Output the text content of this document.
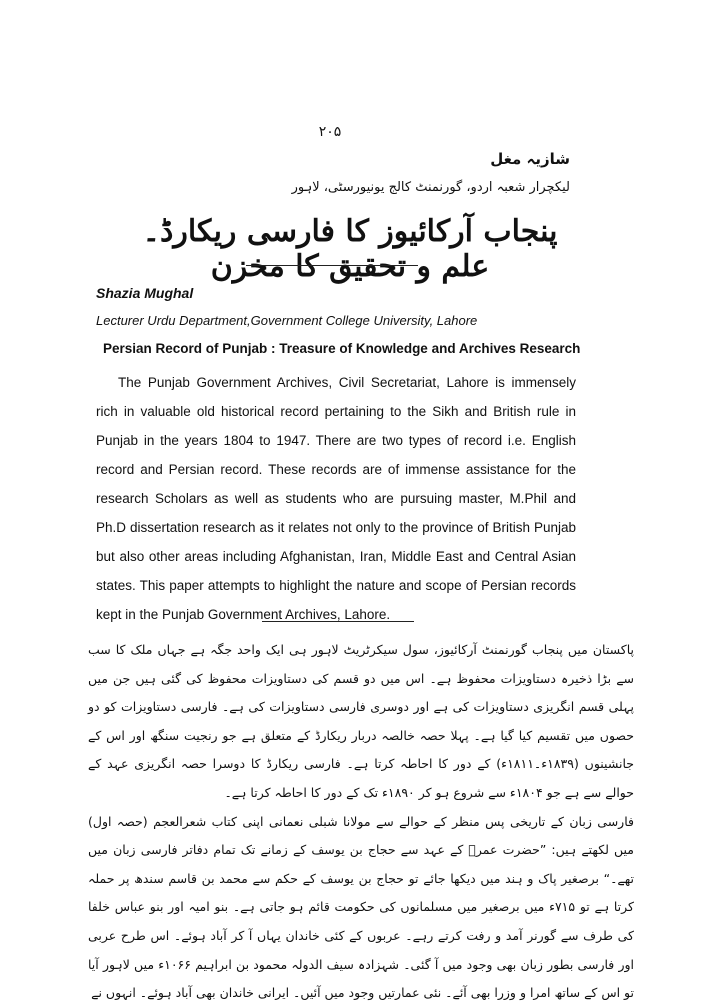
۲۰۵
شازیہ مغل
لیکچرار شعبہ اردو، گورنمنٹ کالج یونیورسٹی، لاہور
پنجاب آرکائیوز کا فارسی ریکارڈ۔ علم و تحقیق کا مخزن
Shazia Mughal
Lecturer Urdu Department,Government College University, Lahore
Persian Record of Punjab : Treasure of Knowledge and Archives Research

The Punjab Government Archives, Civil Secretariat, Lahore is immensely rich in valuable old historical record pertaining to the Sikh and British rule in Punjab in the years 1804 to 1947. There are two types of record i.e. English record and Persian record. These records are of immense assistance for the research Scholars as well as students who are pursuing master, M.Phil and Ph.D dissertation research as it relates not only to the province of British Punjab but also other areas including Afghanistan, Iran, Middle East and Central Asian states. This paper attempts to highlight the nature and scope of Persian records kept in the Punjab Government Archives, Lahore.

پاکستان میں پنجاب گورنمنٹ آرکائیوز، سول سیکرٹریٹ لاہور ہی ایک واحد جگہ ہے جہاں ملک کا سب سے بڑا ذخیرہ دستاویزات محفوظ ہے۔ اس میں دو قسم کی دستاویزات محفوظ کی گئی ہیں جن میں پہلی قسم انگریزی دستاویزات کی ہے اور دوسری فارسی دستاویزات کی ہے۔ فارسی دستاویزات کو دو حصوں میں تقسیم کیا گیا ہے۔ پہلا حصہ خالصہ دربار ریکارڈ کے متعلق ہے جو رنجیت سنگھ اور اس کے جانشینوں (۱۸۳۹ء۔۱۸۱۱ء) کے دور کا احاطہ کرتا ہے۔ فارسی ریکارڈ کا دوسرا حصہ انگریزی عہد کے حوالے سے ہے جو ۱۸۰۴ء سے شروع ہو کر ۱۸۹۰ء تک کے دور کا احاطہ کرتا ہے۔

فارسی زبان کے تاریخی پس منظر کے حوالے سے مولانا شبلی نعمانی اپنی کتاب شعرالعجم (حصہ اول) میں لکھتے ہیں: ”حضرت عمرؓ کے عہد سے حجاج بن یوسف کے زمانے تک تمام دفاتر فارسی زبان میں تھے۔“ برصغیر پاک و ہند میں دیکھا جائے تو حجاج بن یوسف کے حکم سے محمد بن قاسم سندھ پر حملہ کرتا ہے تو ۷۱۵ء میں برصغیر میں مسلمانوں کی حکومت قائم ہو جاتی ہے۔ بنو امیہ اور بنو عباس خلفا کی طرف سے گورنر آمد و رفت کرتے رہے۔ عربوں کے کئی خاندان یہاں آ کر آباد ہوئے۔ اس طرح عربی اور فارسی بطور زبان بھی وجود میں آ گئی۔ شہزادہ سیف الدولہ محمود بن ابراہیم ۱۰۶۶ء میں لاہور آیا تو اس کے ساتھ امرا و وزرا بھی آئے۔ نئی عمارتیں وجود میں آئیں۔ ایرانی خاندان بھی آباد ہوئے۔ انہوں نے
